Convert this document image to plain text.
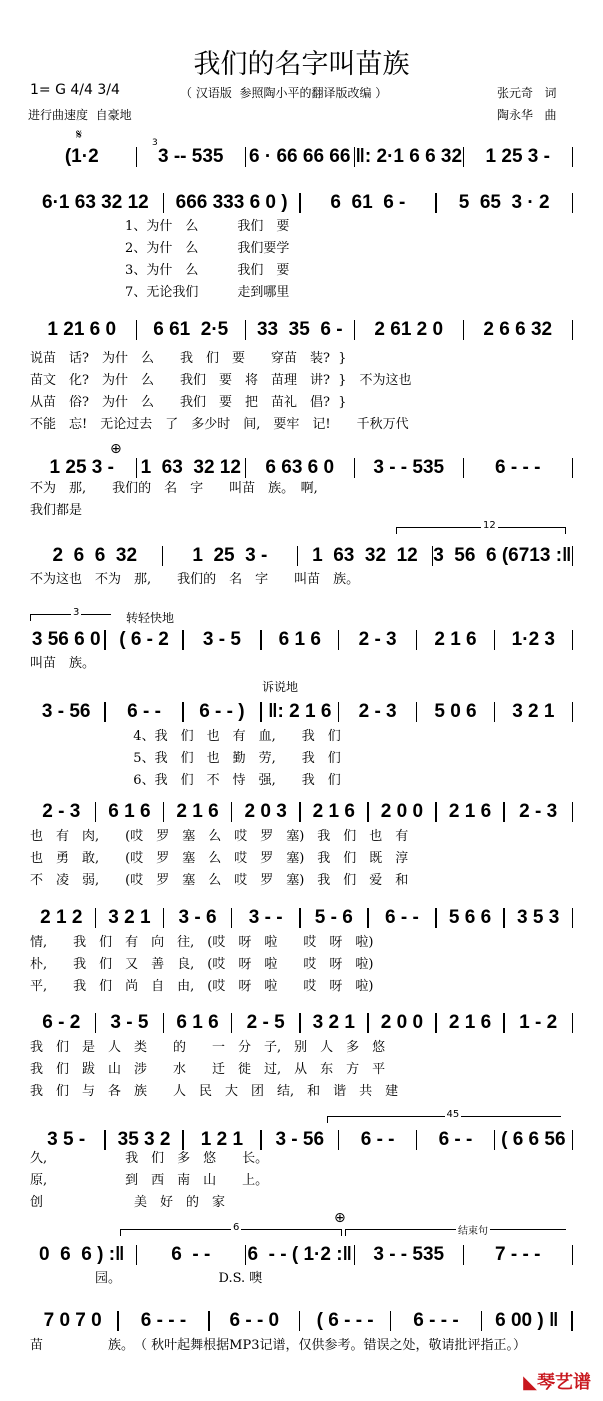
我们的名字叫苗族
1= G 4/4 3/4	（ 汉语版  参照陶小平的翻译版改编 ）
进行曲速度  自豪地
张元奇   词
陶永华   曲
𝄋
⊕
⊕
3
12
3	转轻快地
诉说地
45
6	结束句
(1·2	3 -- 535	6 · 66 66 66 ‖: 2·1 6 6 32	1 25 3 -
6·1 63 32 12	666 333 6 0 )	6  61  6 -	5  65  3 · 2
1、为什　么　　　我们　要
2、为什　么　　　我们要学
3、为什　么　　　我们　要
7、无论我们　　　走到哪里
1 21 6 0	6 61  2·5	33  35  6 -	2 61 2 0	2 6 6 32
说苗　话?　为什　么　　我　们　要　　穿苗　装?  }
苗文　化?　为什　么　　我们　要　将　苗理　讲?  }　不为这也
从苗　俗?　为什　么　　我们　要　把　苗礼　倡?  }
不能　忘!　无论过去　了　多少时　间,　要牢　记!　　千秋万代
1 25 3 -	1  63  32 12	6 63 6 0	3 - - 535	6 - - -
不为　那,　　我们的　名　字　　叫苗　族。　啊,
我们都是
2  6  6  32	1  25  3 -	1  63  32  12 3  56  6 (6713 :‖
不为这也　不为　那,　　我们的　名　字　　叫苗　族。
3 56 6 0 ( 6 - 2	3 - 5	6 1 6	2 - 3	2 1 6	1·2 3
叫苗　族。
3 - 56	6 - -	6 - - )	‖: 2 1 6	2 - 3	5 0 6	3 2 1
4、我　们　也　有　血,　　我　们
5、我　们　也　勤　劳,　　我　们
6、我　们　不　恃　强,　　我　们
2 - 3	6 1 6	2 1 6	2 0 3	2 1 6	2 0 0	2 1 6	2 - 3
也　有　肉,　　(哎　罗　塞　么　哎　罗　塞)　我　们　也　有
也　勇　敢,　　(哎　罗　塞　么　哎　罗　塞)　我　们　既　淳
不　凌　弱,　　(哎　罗　塞　么　哎　罗　塞)　我　们　爱　和
2 1 2	3 2 1	3 - 6	3 - -	5 - 6	6 - -	5 6 6	3 5 3
情,　　我　们　有　向　往,　(哎　呀　啦　　哎　呀　啦)
朴,　　我　们　又　善　良,　(哎　呀　啦　　哎　呀　啦)
平,　　我　们　尚　自　由,　(哎　呀　啦　　哎　呀　啦)
6 - 2	3 - 5	6 1 6	2 - 5	3 2 1	2 0 0	2 1 6	1 - 2
我　们　是　人　类　　的　　一　分　子,　别　人　多　悠
我　们　跋　山　涉　　水　　迁　徙　过,　从　东　方　平
我　们　与　各　族　　人　民　大　团　结,　和　谐　共　建
3 5 -	35 3 2	1 2 1	3 - 56	6 - -	6 - -	( 6 6 56
久,　　　　　　我　们　多　悠　　长。
原,　　　　　　到　西　南　山　　上。
创　　　　　　　美　好　的　家
0  6  6 ) :‖	6  - -	6  - - ( 1·2 :‖	3 - - 535	7 - - -
　　　　　园。　　　　　　　　D.S. 噢
7 0 7 0	6 - - -	6 - - 0	( 6 - - -	6 - - -	6 00 ) ‖
苗　　　　　族。　（ 秋叶起舞根据MP3记谱，仅供参考。错误之处，敬请批评指正。）
◣琴艺谱
